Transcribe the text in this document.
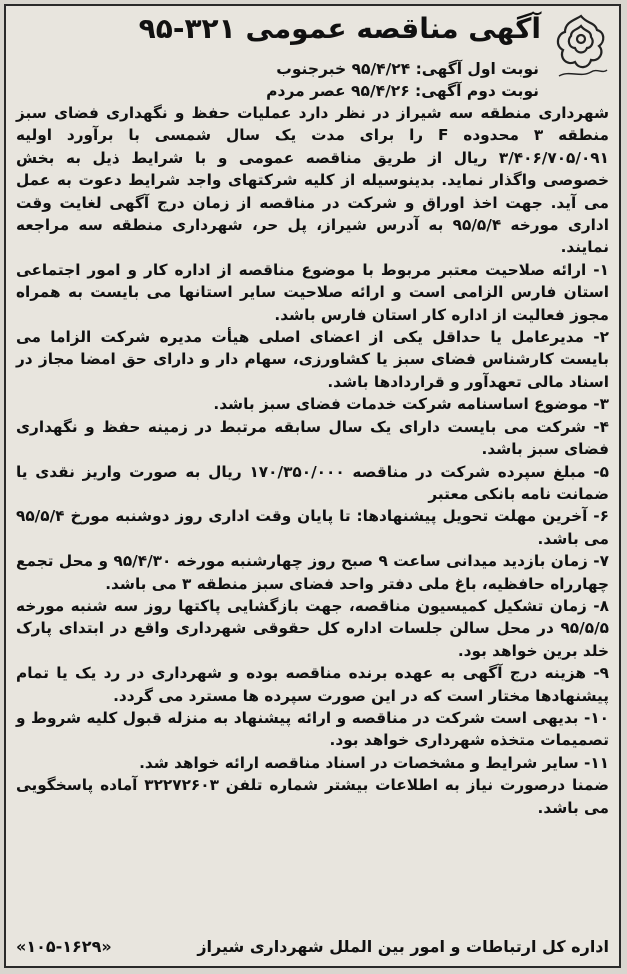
آگهی مناقصه عمومی ۳۲۱-۹۵
نوبت اول آگهی: ۹۵/۴/۲۴ خبرجنوب
نوبت دوم آگهی: ۹۵/۴/۲۶ عصر مردم

شهرداری منطقه سه شیراز در نظر دارد عملیات حفظ و نگهداری فضای سبز منطقه ۳ محدوده F را برای مدت یک سال شمسی با برآورد اولیه ۳/۴۰۶/۷۰۵/۰۹۱ ریال از طریق مناقصه عمومی و با شرایط ذیل به بخش خصوصی واگذار نماید. بدینوسیله از کلیه شرکتهای واجد شرایط دعوت به عمل می آید. جهت اخذ اوراق و شرکت در مناقصه از زمان درج آگهی لغایت وقت اداری مورخه ۹۵/۵/۴ به آدرس شیراز، پل حر، شهرداری منطقه سه مراجعه نمایند.

۱- ارائه صلاحیت معتبر مربوط با موضوع مناقصه از اداره کار و امور اجتماعی استان فارس الزامی است و ارائه صلاحیت سایر استانها می بایست به همراه مجوز فعالیت از اداره کار استان فارس باشد.

۲- مدیرعامل یا حداقل یکی از اعضای اصلی هیأت مدیره شرکت الزاما می بایست کارشناس فضای سبز یا کشاورزی، سهام دار و دارای حق امضا مجاز در اسناد مالی تعهدآور و قراردادها باشد.

۳- موضوع اساسنامه شرکت خدمات فضای سبز باشد.

۴- شرکت می بایست دارای یک سال سابقه مرتبط در زمینه حفظ و نگهداری فضای سبز باشد.

۵- مبلغ سپرده شرکت در مناقصه ۱۷۰/۳۵۰/۰۰۰ ریال به صورت واریز نقدی یا ضمانت نامه بانکی معتبر

۶- آخرین مهلت تحویل پیشنهادها: تا پایان وقت اداری روز دوشنبه مورخ ۹۵/۵/۴ می باشد.

۷- زمان بازدید میدانی ساعت ۹ صبح روز چهارشنبه مورخه ۹۵/۴/۳۰ و محل تجمع چهارراه حافظیه، باغ ملی دفتر واحد فضای سبز منطقه ۳ می باشد.

۸- زمان تشکیل کمیسیون مناقصه، جهت بازگشایی پاکتها روز سه شنبه مورخه ۹۵/۵/۵ در محل سالن جلسات اداره کل حقوقی شهرداری واقع در ابتدای پارک خلد برین خواهد بود.

۹- هزینه درج آگهی به عهده برنده مناقصه بوده و شهرداری در رد یک یا تمام پیشنهادها مختار است که در این صورت سپرده ها مسترد می گردد.

۱۰- بدیهی است شرکت در مناقصه و ارائه پیشنهاد به منزله قبول کلیه شروط و تصمیمات متخذه شهرداری خواهد بود.

۱۱- سایر شرایط و مشخصات در اسناد مناقصه ارائه خواهد شد.

ضمنا درصورت نیاز به اطلاعات بیشتر شماره تلفن ۳۲۲۷۲۶۰۳ آماده پاسخگویی می باشد.

اداره کل ارتباطات و امور بین الملل شهرداری شیراز
«۱۰۵-۱۶۲۹»
